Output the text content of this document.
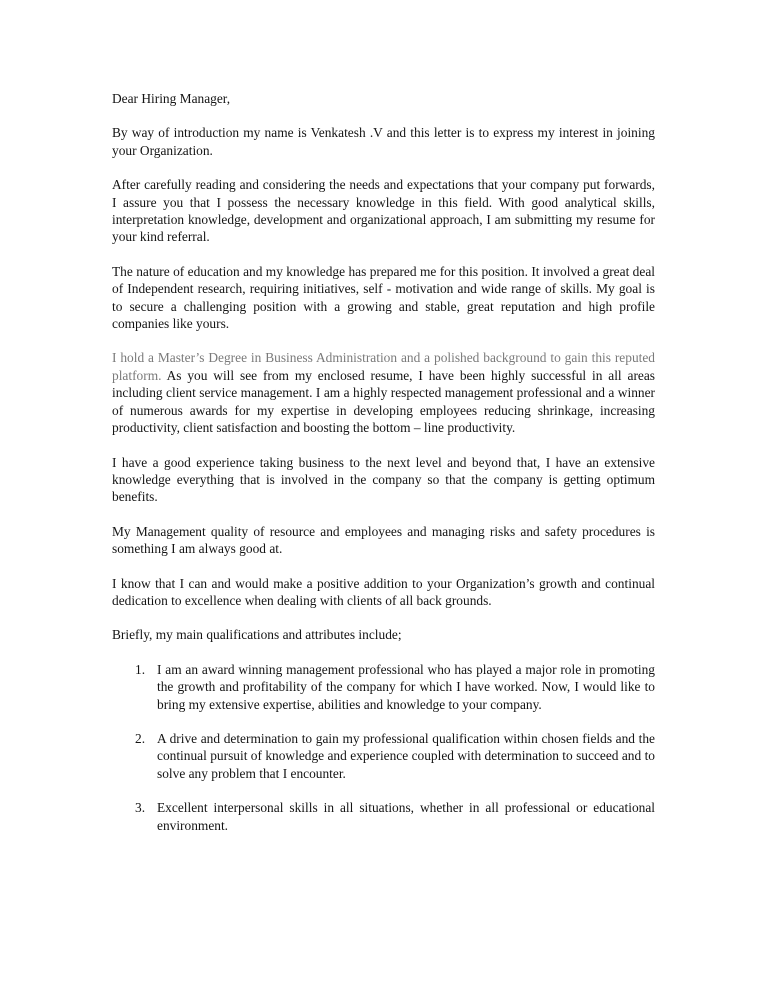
Dear Hiring Manager,

By way of introduction my name is Venkatesh .V and this letter is to express my interest in joining your Organization.

After carefully reading and considering the needs and expectations that your company put forwards, I assure you that I possess the necessary knowledge in this field. With good analytical skills, interpretation knowledge, development and organizational approach, I am submitting my resume for your kind referral.

The nature of education and my knowledge has prepared me for this position. It involved a great deal of Independent research, requiring initiatives, self - motivation and wide range of skills. My goal is to secure a challenging position with a growing and stable, great reputation and high profile companies like yours.

I hold a Master’s Degree in Business Administration and a polished background to gain this reputed platform. As you will see from my enclosed resume, I have been highly successful in all areas including client service management. I am a highly respected management professional and a winner of numerous awards for my expertise in developing employees reducing shrinkage, increasing productivity, client satisfaction and boosting the bottom – line productivity.

I have a good experience taking business to the next level and beyond that, I have an extensive knowledge everything that is involved in the company so that the company is getting optimum benefits.

My Management quality of resource and employees and managing risks and safety procedures is something I am always good at.

I know that I can and would make a positive addition to your Organization’s growth and continual dedication to excellence when dealing with clients of all back grounds.

Briefly, my main qualifications and attributes include;

1. I am an award winning management professional who has played a major role in promoting the growth and profitability of the company for which I have worked. Now, I would like to bring my extensive expertise, abilities and knowledge to your company.
2. A drive and determination to gain my professional qualification within chosen fields and the continual pursuit of knowledge and experience coupled with determination to succeed and to solve any problem that I encounter.
3. Excellent interpersonal skills in all situations, whether in all professional or educational environment.
